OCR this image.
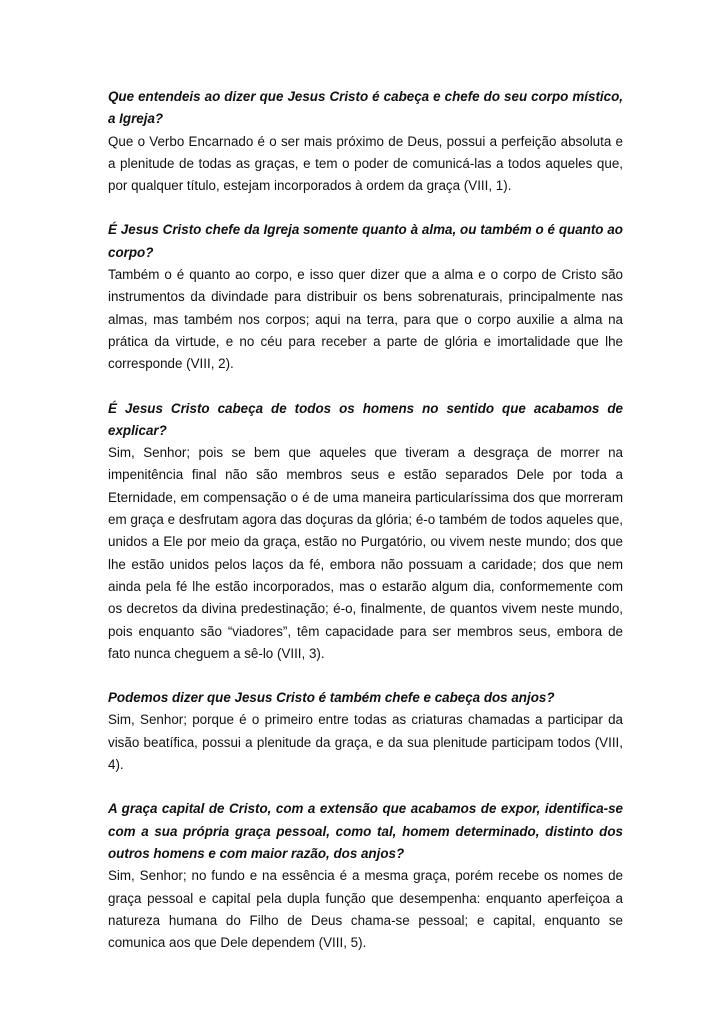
Que entendeis ao dizer que Jesus Cristo é cabeça e chefe do seu corpo místico, a Igreja?

Que o Verbo Encarnado é o ser mais próximo de Deus, possui a perfeição absoluta e a plenitude de todas as graças, e tem o poder de comunicá-las a todos aqueles que, por qualquer título, estejam incorporados à ordem da graça (VIII, 1).

É Jesus Cristo chefe da Igreja somente quanto à alma, ou também o é quanto ao corpo?

Também o é quanto ao corpo, e isso quer dizer que a alma e o corpo de Cristo são instrumentos da divindade para distribuir os bens sobrenaturais, principalmente nas almas, mas também nos corpos; aqui na terra, para que o corpo auxilie a alma na prática da virtude, e no céu para receber a parte de glória e imortalidade que lhe corresponde (VIII, 2).

É Jesus Cristo cabeça de todos os homens no sentido que acabamos de explicar?

Sim, Senhor; pois se bem que aqueles que tiveram a desgraça de morrer na impenitência final não são membros seus e estão separados Dele por toda a Eternidade, em compensação o é de uma maneira particularíssima dos que morreram em graça e desfrutam agora das doçuras da glória; é-o também de todos aqueles que, unidos a Ele por meio da graça, estão no Purgatório, ou vivem neste mundo; dos que lhe estão unidos pelos laços da fé, embora não possuam a caridade; dos que nem ainda pela fé lhe estão incorporados, mas o estarão algum dia, conformemente com os decretos da divina predestinação; é-o, finalmente, de quantos vivem neste mundo, pois enquanto são “viadores”, têm capacidade para ser membros seus, embora de fato nunca cheguem a sê-lo (VIII, 3).

Podemos dizer que Jesus Cristo é também chefe e cabeça dos anjos?

Sim, Senhor; porque é o primeiro entre todas as criaturas chamadas a participar da visão beatífica, possui a plenitude da graça, e da sua plenitude participam todos (VIII, 4).

A graça capital de Cristo, com a extensão que acabamos de expor, identifica-se com a sua própria graça pessoal, como tal, homem determinado, distinto dos outros homens e com maior razão, dos anjos?

Sim, Senhor; no fundo e na essência é a mesma graça, porém recebe os nomes de graça pessoal e capital pela dupla função que desempenha: enquanto aperfeiçoa a natureza humana do Filho de Deus chama-se pessoal; e capital, enquanto se comunica aos que Dele dependem (VIII, 5).
